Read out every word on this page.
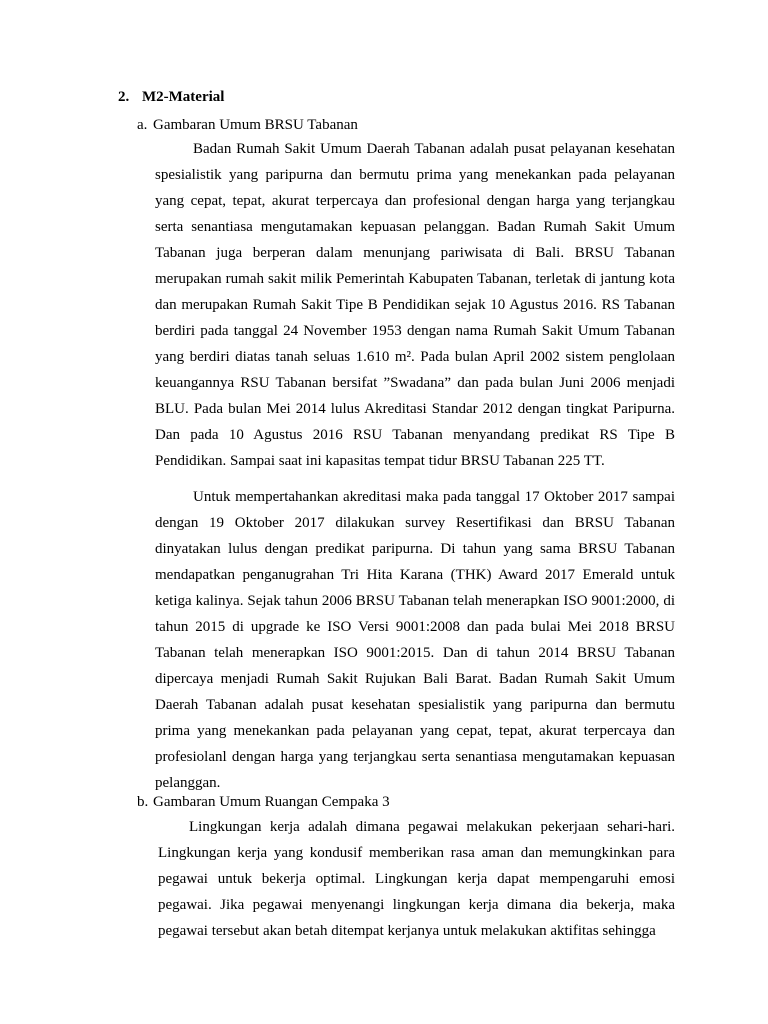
2. M2-Material
a. Gambaran Umum BRSU Tabanan

Badan Rumah Sakit Umum Daerah Tabanan adalah pusat pelayanan kesehatan spesialistik yang paripurna dan bermutu prima yang menekankan pada pelayanan yang cepat, tepat, akurat terpercaya dan profesional dengan harga yang terjangkau serta senantiasa mengutamakan kepuasan pelanggan. Badan Rumah Sakit Umum Tabanan juga berperan dalam menunjang pariwisata di Bali. BRSU Tabanan merupakan rumah sakit milik Pemerintah Kabupaten Tabanan, terletak di jantung kota dan merupakan Rumah Sakit Tipe B Pendidikan sejak 10 Agustus 2016. RS Tabanan berdiri pada tanggal 24 November 1953 dengan nama Rumah Sakit Umum Tabanan yang berdiri diatas tanah seluas 1.610 m². Pada bulan April 2002 sistem penglolaan keuangannya RSU Tabanan bersifat ”Swadana” dan pada bulan Juni 2006 menjadi BLU. Pada bulan Mei 2014 lulus Akreditasi Standar 2012 dengan tingkat Paripurna. Dan pada 10 Agustus 2016 RSU Tabanan menyandang predikat RS Tipe B Pendidikan. Sampai saat ini kapasitas tempat tidur BRSU Tabanan 225 TT.

Untuk mempertahankan akreditasi maka pada tanggal 17 Oktober 2017 sampai dengan 19 Oktober 2017 dilakukan survey Resertifikasi dan BRSU Tabanan dinyatakan lulus dengan predikat paripurna. Di tahun yang sama BRSU Tabanan mendapatkan penganugrahan Tri Hita Karana (THK) Award 2017 Emerald untuk ketiga kalinya. Sejak tahun 2006 BRSU Tabanan telah menerapkan ISO 9001:2000, di tahun 2015 di upgrade ke ISO Versi 9001:2008 dan pada bulai Mei 2018 BRSU Tabanan telah menerapkan ISO 9001:2015. Dan di tahun 2014 BRSU Tabanan dipercaya menjadi Rumah Sakit Rujukan Bali Barat. Badan Rumah Sakit Umum Daerah Tabanan adalah pusat kesehatan spesialistik yang paripurna dan bermutu prima yang menekankan pada pelayanan yang cepat, tepat, akurat terpercaya dan profesiolanl dengan harga yang terjangkau serta senantiasa mengutamakan kepuasan pelanggan.

b. Gambaran Umum Ruangan Cempaka 3

Lingkungan kerja adalah dimana pegawai melakukan pekerjaan sehari-hari. Lingkungan kerja yang kondusif memberikan rasa aman dan memungkinkan para pegawai untuk bekerja optimal. Lingkungan kerja dapat mempengaruhi emosi pegawai. Jika pegawai menyenangi lingkungan kerja dimana dia bekerja, maka pegawai tersebut akan betah ditempat kerjanya untuk melakukan aktifitas sehingga
